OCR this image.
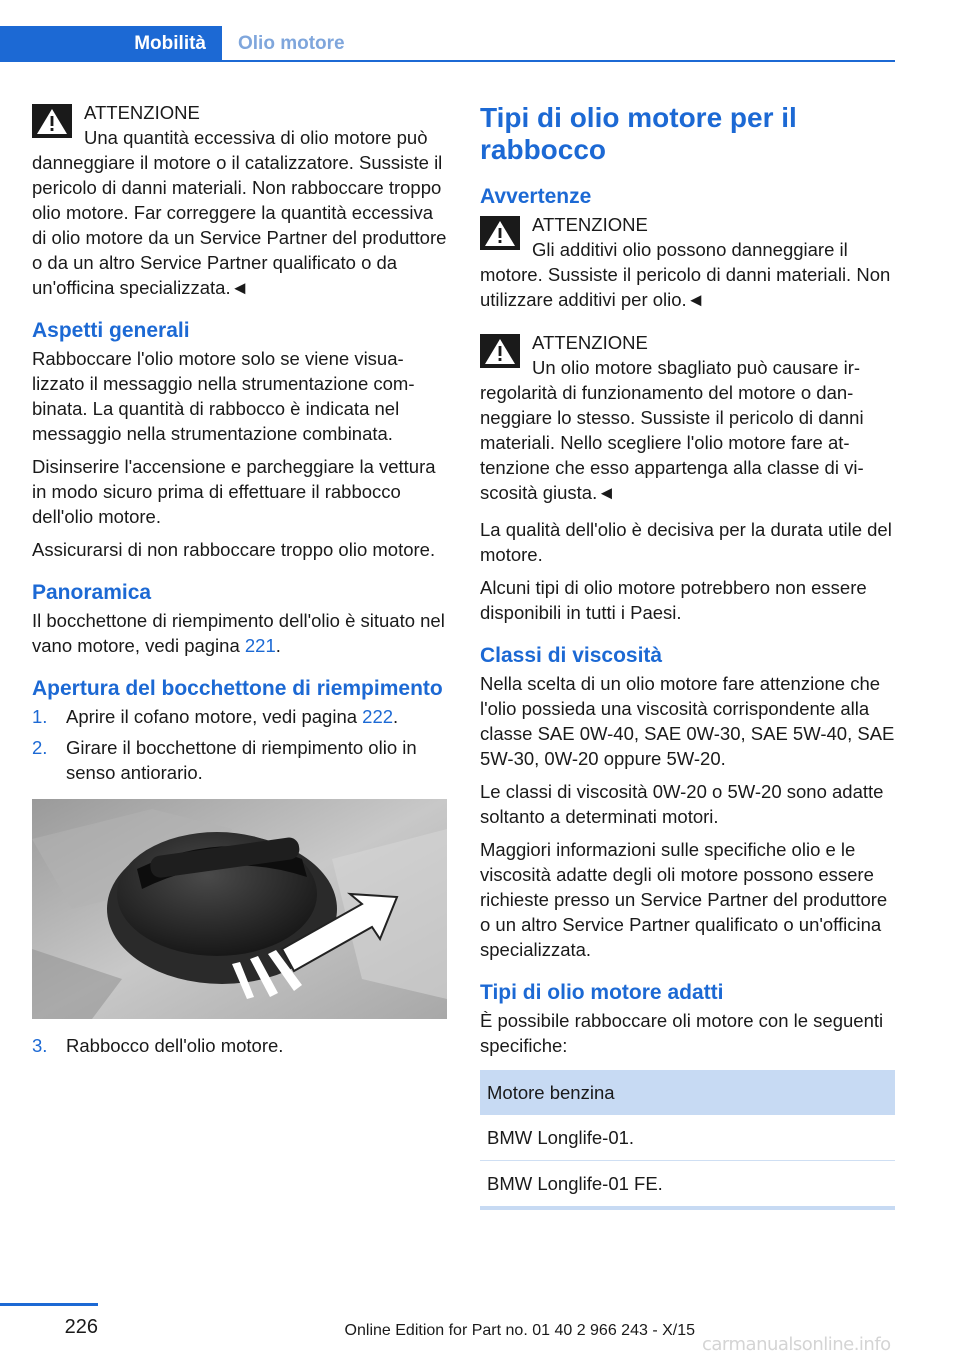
Mobilità	Olio motore
ATTENZIONE
Una quantità eccessiva di olio motore può danneggiare il motore o il catalizzatore. Sussiste il pericolo di danni materiali. Non rabboccare troppo olio motore. Far correggere la quantità eccessiva di olio motore da un Service Partner del produttore o da un altro Service Partner qualificato o da un'officina specializzata.◄
Aspetti generali

Rabboccare l'olio motore solo se viene visualizzato il messaggio nella strumentazione combinata. La quantità di rabbocco è indicata nel messaggio nella strumentazione combinata.

Disinserire l'accensione e parcheggiare la vettura in modo sicuro prima di effettuare il rabbocco dell'olio motore.

Assicurarsi di non rabboccare troppo olio motore.

Panoramica

Il bocchettone di riempimento dell'olio è situato nel vano motore, vedi pagina 221.

Apertura del bocchettone di riempimento
1. Aprire il cofano motore, vedi pagina 222.
2. Girare il bocchettone di riempimento olio in senso antiorario.
3. Rabbocco dell'olio motore.
Tipi di olio motore per il rabbocco
Avvertenze
ATTENZIONE
Gli additivi olio possono danneggiare il motore. Sussiste il pericolo di danni materiali. Non utilizzare additivi per olio.◄
ATTENZIONE
Un olio motore sbagliato può causare irregolarità di funzionamento del motore o danneggiare lo stesso. Sussiste il pericolo di danni materiali. Nello scegliere l'olio motore fare attenzione che esso appartenga alla classe di viscosità giusta.◄

La qualità dell'olio è decisiva per la durata utile del motore.

Alcuni tipi di olio motore potrebbero non essere disponibili in tutti i Paesi.

Classi di viscosità

Nella scelta di un olio motore fare attenzione che l'olio possieda una viscosità corrispondente alla classe SAE 0W-40, SAE 0W-30, SAE 5W-40, SAE 5W-30, 0W-20 oppure 5W-20.

Le classi di viscosità 0W-20 o 5W-20 sono adatte soltanto a determinati motori.

Maggiori informazioni sulle specifiche olio e le viscosità adatte degli oli motore possono essere richieste presso un Service Partner del produttore o un altro Service Partner qualificato o un'officina specializzata.

Tipi di olio motore adatti

È possibile rabboccare oli motore con le seguenti specifiche:

Motore benzina
BMW Longlife-01.
BMW Longlife-01 FE.
226	Online Edition for Part no. 01 40 2 966 243 - X/15
carmanualsonline.info
